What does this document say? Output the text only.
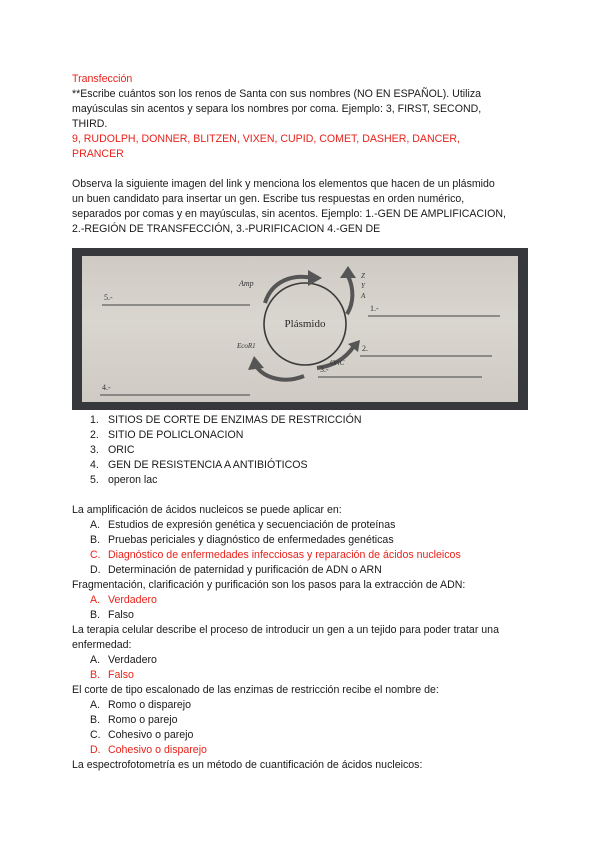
Transfección

**Escribe cuántos son los renos de Santa con sus nombres (NO EN ESPAÑOL). Utiliza

mayúsculas sin acentos y separa los nombres por coma. Ejemplo: 3, FIRST, SECOND,

THIRD.

9, RUDOLPH, DONNER, BLITZEN, VIXEN, CUPID, COMET, DASHER, DANCER,

PRANCER

Observa la siguiente imagen del link y menciona los elementos que hacen de un plásmido

un buen candidato para insertar un gen. Escribe tus respuestas en orden numérico,

separados por comas y en mayúsculas, sin acentos. Ejemplo: 1.-GEN DE AMPLIFICACION,

2.-REGIÓN DE TRANSFECCIÓN, 3.-PURIFICACION 4.-GEN DE

Plásmido
Amp
Z
Y
A
EcoR1
OriC
5.-
1.-
2.
3.-
4.-
1. SITIOS DE CORTE DE ENZIMAS DE RESTRICCIÓN
2. SITIO DE POLICLONACION
3. ORIC
4. GEN DE RESISTENCIA A ANTIBIÓTICOS
5. operon lac

La amplificación de ácidos nucleicos se puede aplicar en:

A. Estudios de expresión genética y secuenciación de proteínas
B. Pruebas periciales y diagnóstico de enfermedades genéticas
C. Diagnóstico de enfermedades infecciosas y reparación de ácidos nucleicos
D. Determinación de paternidad y purificación de ADN o ARN

Fragmentación, clarificación y purificación son los pasos para la extracción de ADN:

A. Verdadero
B. Falso

La terapia celular describe el proceso de introducir un gen a un tejido para poder tratar una

enfermedad:

A. Verdadero
B. Falso

El corte de tipo escalonado de las enzimas de restricción recibe el nombre de:

A. Romo o disparejo
B. Romo o parejo
C. Cohesivo o parejo
D. Cohesivo o disparejo

La espectrofotometría es un método de cuantificación de ácidos nucleicos:
